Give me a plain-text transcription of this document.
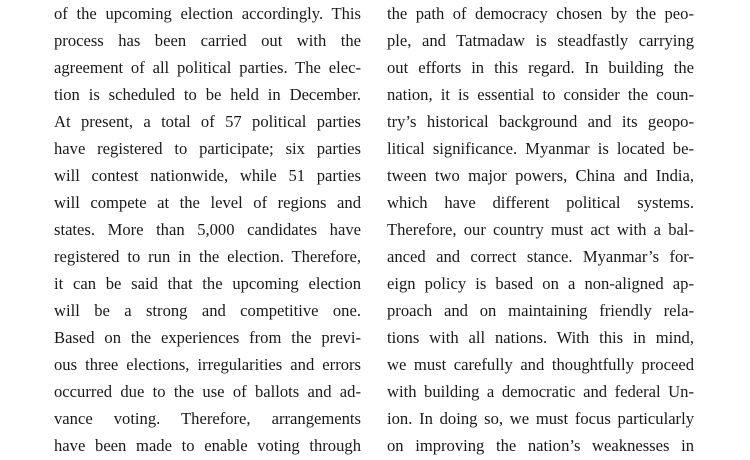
of the upcoming election accordingly. This
process has been carried out with the
agreement of all political parties. The elec-
tion is scheduled to be held in December.
At present, a total of 57 political parties
have registered to participate; six parties
will contest nationwide, while 51 parties
will compete at the level of regions and
states. More than 5,000 candidates have
registered to run in the election. Therefore,
it can be said that the upcoming election
will be a strong and competitive one.
Based on the experiences from the previ-
ous three elections, irregularities and errors
occurred due to the use of ballots and ad-
vance voting. Therefore, arrangements
have been made to enable voting through
the path of democracy chosen by the peo-
ple, and Tatmadaw is steadfastly carrying
out efforts in this regard. In building the
nation, it is essential to consider the coun-
try’s historical background and its geopo-
litical significance. Myanmar is located be-
tween two major powers, China and India,
which have different political systems.
Therefore, our country must act with a bal-
anced and correct stance. Myanmar’s for-
eign policy is based on a non-aligned ap-
proach and on maintaining friendly rela-
tions with all nations. With this in mind,
we must carefully and thoughtfully proceed
with building a democratic and federal Un-
ion. In doing so, we must focus particularly
on improving the nation’s weaknesses in
